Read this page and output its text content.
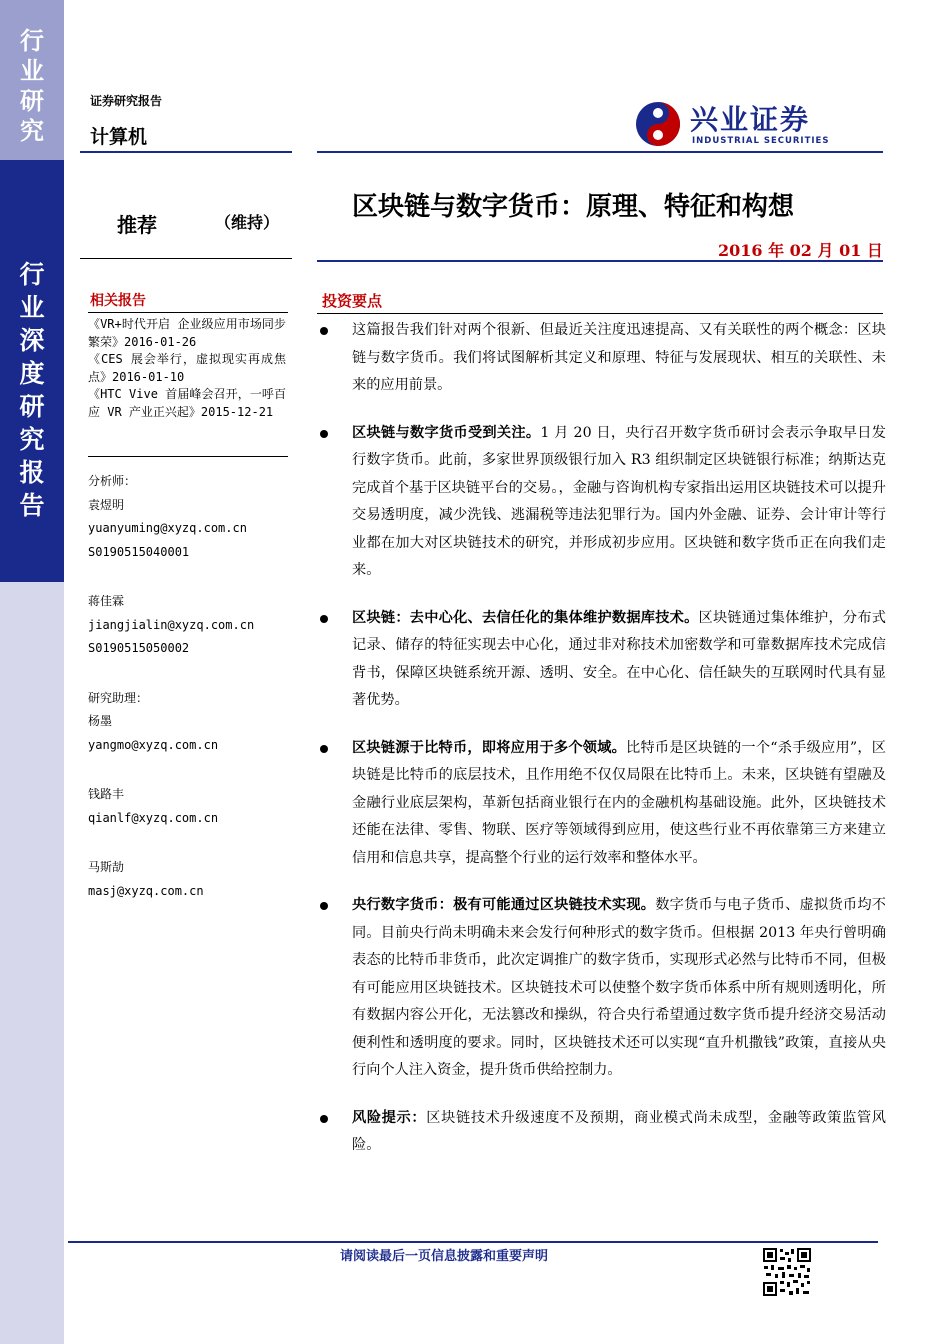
行
业
研
究
行
业
深
度
研
究
报
告
证券研究报告
计算机
兴业证券
INDUSTRIAL SECURITIES
推荐	（维持）
区块链与数字货币：原理、特征和构想
2016 年 02 月 01 日
相关报告
《VR+时代开启 企业级应用市场同步繁荣》2016-01-26
《CES 展会举行，虚拟现实再成焦点》2016-01-10
《HTC Vive 首届峰会召开，一呼百应 VR 产业正兴起》2015-12-21
分析师：
袁煜明
yuanyuming@xyzq.com.cn
S0190515040001
蒋佳霖
jiangjialin@xyzq.com.cn
S0190515050002
研究助理：
杨墨
yangmo@xyzq.com.cn
钱路丰
qianlf@xyzq.com.cn
马斯劼
masj@xyzq.com.cn
投资要点
这篇报告我们针对两个很新、但最近关注度迅速提高、又有关联性的两个概念：区块链与数字货币。我们将试图解析其定义和原理、特征与发展现状、相互的关联性、未来的应用前景。
区块链与数字货币受到关注。1 月 20 日，央行召开数字货币研讨会表示争取早日发行数字货币。此前，多家世界顶级银行加入 R3 组织制定区块链银行标准；纳斯达克完成首个基于区块链平台的交易。，金融与咨询机构专家指出运用区块链技术可以提升交易透明度，减少洗钱、逃漏税等违法犯罪行为。国内外金融、证券、会计审计等行业都在加大对区块链技术的研究，并形成初步应用。区块链和数字货币正在向我们走来。
区块链：去中心化、去信任化的集体维护数据库技术。区块链通过集体维护，分布式记录、储存的特征实现去中心化，通过非对称技术加密数学和可靠数据库技术完成信背书，保障区块链系统开源、透明、安全。在中心化、信任缺失的互联网时代具有显著优势。
区块链源于比特币，即将应用于多个领域。比特币是区块链的一个“杀手级应用”，区块链是比特币的底层技术，且作用绝不仅仅局限在比特币上。未来，区块链有望融及金融行业底层架构，革新包括商业银行在内的金融机构基础设施。此外，区块链技术还能在法律、零售、物联、医疗等领域得到应用，使这些行业不再依靠第三方来建立信用和信息共享，提高整个行业的运行效率和整体水平。
央行数字货币：极有可能通过区块链技术实现。数字货币与电子货币、虚拟货币均不同。目前央行尚未明确未来会发行何种形式的数字货币。但根据 2013 年央行曾明确表态的比特币非货币，此次定调推广的数字货币，实现形式必然与比特币不同，但极有可能应用区块链技术。区块链技术可以使整个数字货币体系中所有规则透明化，所有数据内容公开化，无法篡改和操纵，符合央行希望通过数字货币提升经济交易活动便利性和透明度的要求。同时，区块链技术还可以实现“直升机撒钱”政策，直接从央行向个人注入资金，提升货币供给控制力。
风险提示：区块链技术升级速度不及预期，商业模式尚未成型，金融等政策监管风险。
请阅读最后一页信息披露和重要声明
